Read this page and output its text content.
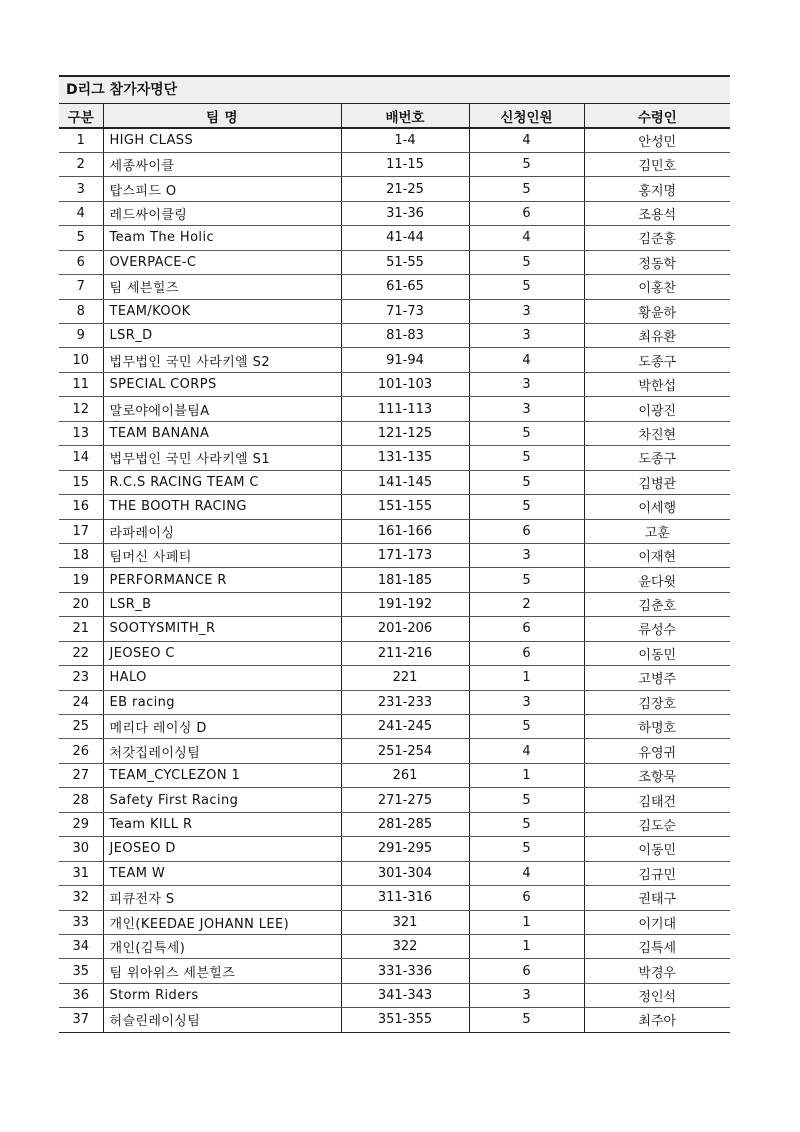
D리그 참가자명단
구분	팀 명	배번호	신청인원	수령인
1	HIGH CLASS	1-4	4	안성민
2	세종싸이클	11-15	5	김민호
3	탑스피드 O	21-25	5	홍지명
4	레드싸이클링	31-36	6	조용석
5	Team The Holic	41-44	4	김준홍
6	OVERPACE-C	51-55	5	정동학
7	팀 세븐힐즈	61-65	5	이홍찬
8	TEAM/KOOK	71-73	3	황윤하
9	LSR_D	81-83	3	최유환
10	법무법인 국민 사라키엘 S2	91-94	4	도종구
11	SPECIAL CORPS	101-103	3	박한섭
12	말로야에이블팀A	111-113	3	이광진
13	TEAM BANANA	121-125	5	차진현
14	법무법인 국민 사라키엘 S1	131-135	5	도종구
15	R.C.S RACING TEAM C	141-145	5	김병관
16	THE BOOTH RACING	151-155	5	이세행
17	라파레이싱	161-166	6	고훈
18	팀머신 사페티	171-173	3	이재현
19	PERFORMANCE R	181-185	5	윤다윗
20	LSR_B	191-192	2	김춘호
21	SOOTYSMITH_R	201-206	6	류성수
22	JEOSEO C	211-216	6	이동민
23	HALO	221	1	고병주
24	EB racing	231-233	3	김장호
25	메리다 레이싱 D	241-245	5	하명호
26	처갓집레이싱팀	251-254	4	유영귀
27	TEAM_CYCLEZON 1	261	1	조항묵
28	Safety First Racing	271-275	5	김태건
29	Team KILL R	281-285	5	김도순
30	JEOSEO D	291-295	5	이동민
31	TEAM W	301-304	4	김규민
32	피큐전자 S	311-316	6	권태구
33	개인(KEEDAE JOHANN LEE)	321	1	이기대
34	개인(김특세)	322	1	김특세
35	팀 위아위스 세븐힐즈	331-336	6	박경우
36	Storm Riders	341-343	3	정인석
37	허슬린레이싱팀	351-355	5	최주아
